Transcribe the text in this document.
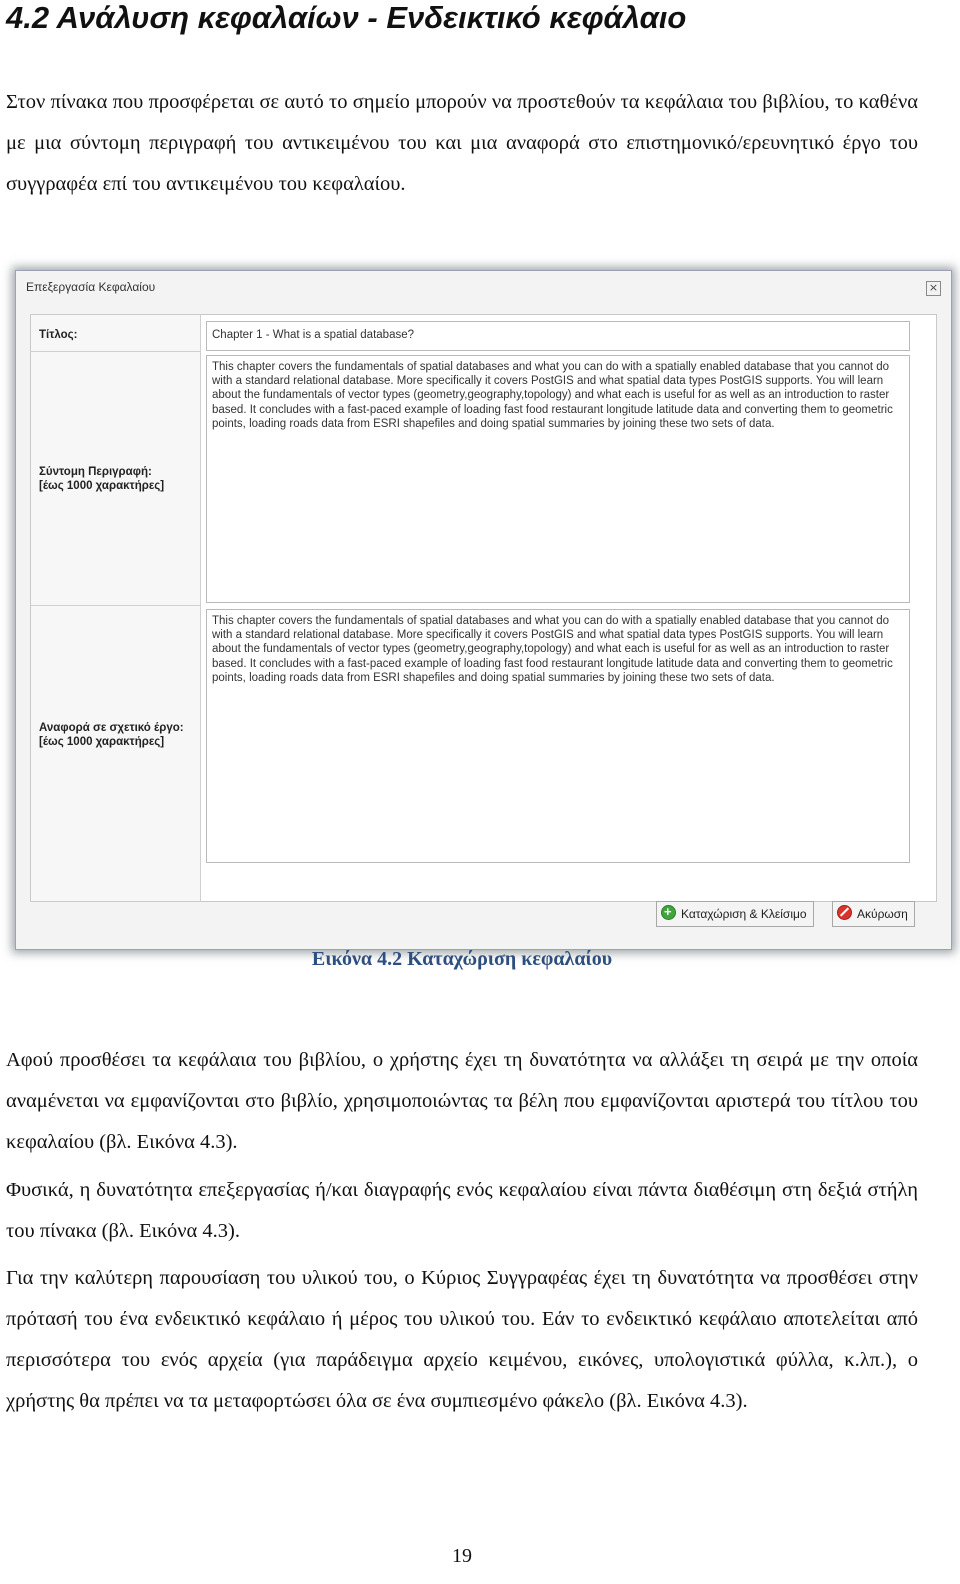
4.2 Ανάλυση κεφαλαίων - Ενδεικτικό κεφάλαιο

Στον πίνακα που προσφέρεται σε αυτό το σημείο μπορούν να προστεθούν τα κεφάλαια του βιβλίου, το καθένα με μια σύντομη περιγραφή του αντικειμένου του και μια αναφορά στο επιστημονικό/ερευνητικό έργο του συγγραφέα επί του αντικειμένου του κεφαλαίου.

Επεξεργασία Κεφαλαίου	×
Τίτλος:
Σύντομη Περιγραφή:
[έως 1000 χαρακτήρες]
Αναφορά σε σχετικό έργο:
[έως 1000 χαρακτήρες]
Chapter 1 - What is a spatial database?
This chapter covers the fundamentals of spatial databases and what you can do with a spatially enabled database that you cannot do with a standard relational database. More specifically it covers PostGIS and what spatial data types PostGIS supports. You will learn about the fundamentals of vector types (geometry,geography,topology) and what each is useful for as well as an introduction to raster based. It concludes with a fast-paced example of loading fast food restaurant longitude latitude data and converting them to geometric points, loading roads data from ESRI shapefiles and doing spatial summaries by joining these two sets of data.
This chapter covers the fundamentals of spatial databases and what you can do with a spatially enabled database that you cannot do with a standard relational database. More specifically it covers PostGIS and what spatial data types PostGIS supports. You will learn about the fundamentals of vector types (geometry,geography,topology) and what each is useful for as well as an introduction to raster based. It concludes with a fast-paced example of loading fast food restaurant longitude latitude data and converting them to geometric points, loading roads data from ESRI shapefiles and doing spatial summaries by joining these two sets of data.
+Καταχώριση & Κλείσιμο	Ακύρωση
Εικόνα 4.2 Καταχώριση κεφαλαίου

Αφού προσθέσει τα κεφάλαια του βιβλίου, ο χρήστης έχει τη δυνατότητα να αλλάξει τη σειρά με την οποία αναμένεται να εμφανίζονται στο βιβλίο, χρησιμοποιώντας τα βέλη που εμφανίζονται αριστερά του τίτλου του κεφαλαίου (βλ. Εικόνα 4.3).

Φυσικά, η δυνατότητα επεξεργασίας ή/και διαγραφής ενός κεφαλαίου είναι πάντα διαθέσιμη στη δεξιά στήλη του πίνακα (βλ. Εικόνα 4.3).

Για την καλύτερη παρουσίαση του υλικού του, ο Κύριος Συγγραφέας έχει τη δυνατότητα να προσθέσει στην πρότασή του ένα ενδεικτικό κεφάλαιο ή μέρος του υλικού του. Εάν το ενδεικτικό κεφάλαιο αποτελείται από περισσότερα του ενός αρχεία (για παράδειγμα αρχείο κειμένου, εικόνες, υπολογιστικά φύλλα, κ.λπ.), ο χρήστης θα πρέπει να τα μεταφορτώσει όλα σε ένα συμπιεσμένο φάκελο (βλ. Εικόνα 4.3).

19
